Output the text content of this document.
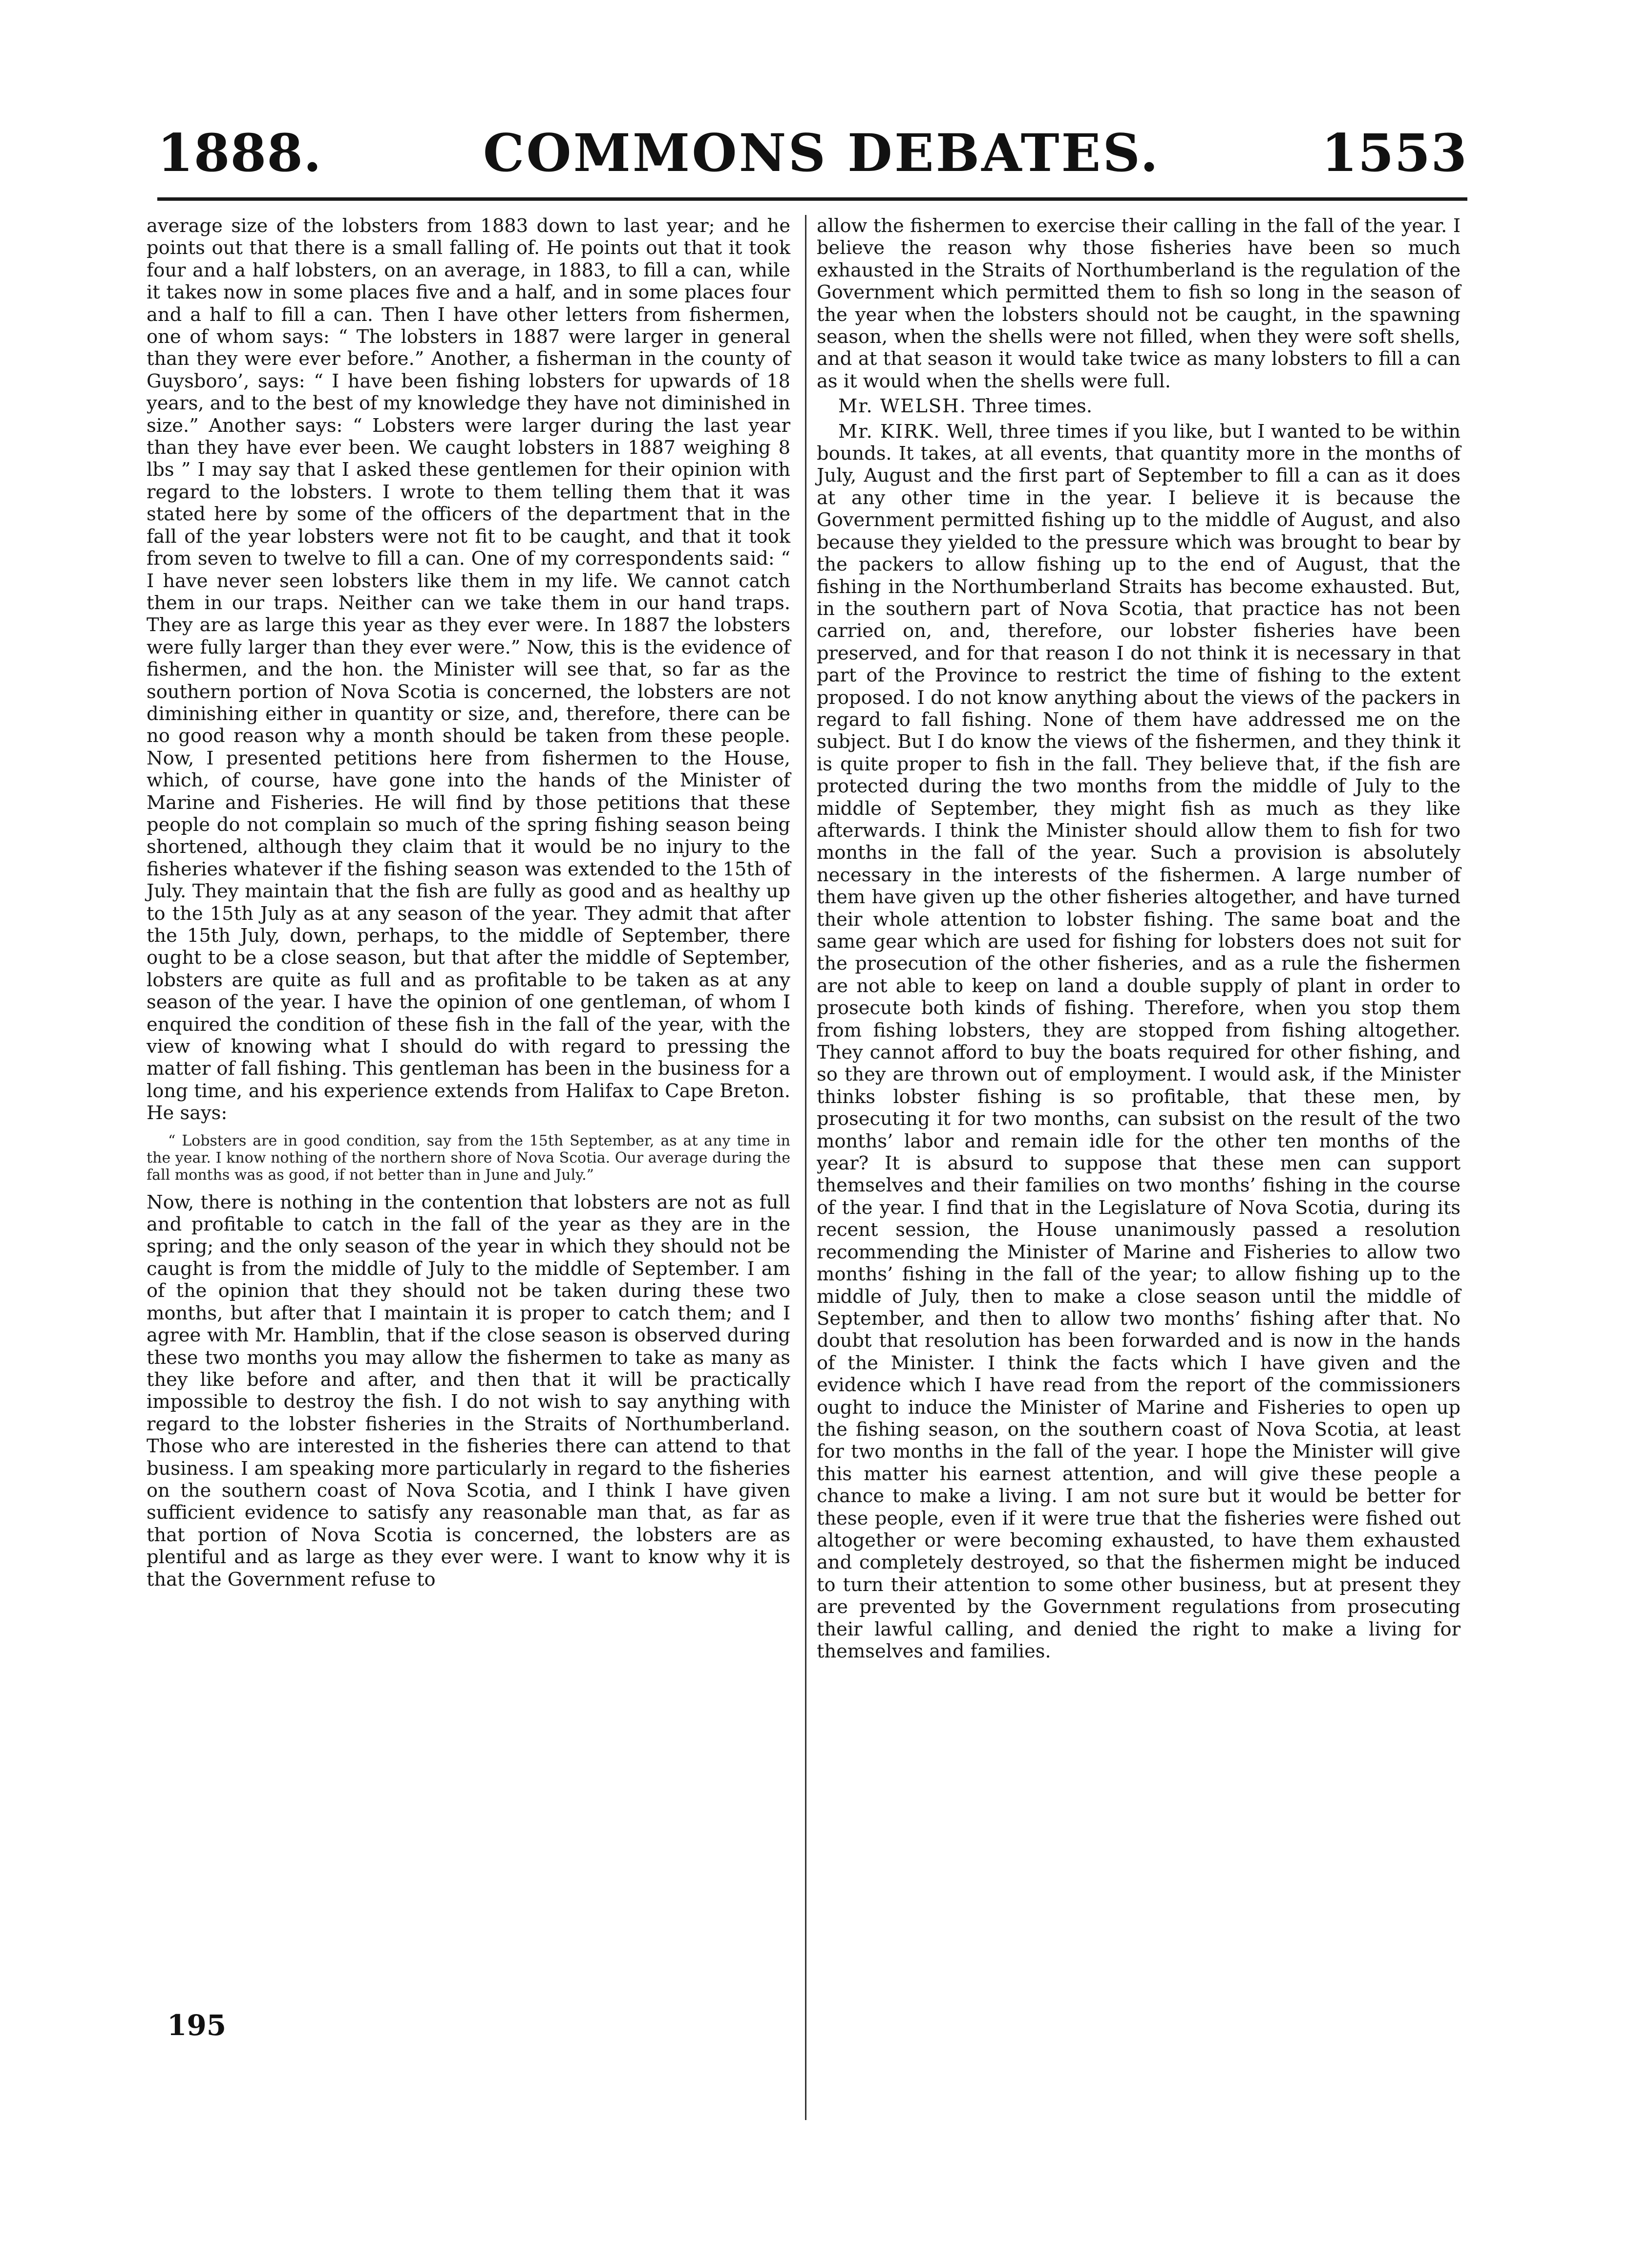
1888.	COMMONS DEBATES.	1553

average size of the lobsters from 1883 down to last year; and he points out that there is a small falling of. He points out that it took four and a half lobsters, on an average, in 1883, to fill a can, while it takes now in some places five and a half, and in some places four and a half to fill a can. Then I have other letters from fishermen, one of whom says: “ The lobsters in 1887 were larger in general than they were ever before.” Another, a fisherman in the county of Guysboro’, says: “ I have been fishing lobsters for upwards of 18 years, and to the best of my knowledge they have not diminished in size.” Another says: “ Lobsters were larger during the last year than they have ever been. We caught lobsters in 1887 weighing 8 lbs ” I may say that I asked these gentlemen for their opinion with regard to the lobsters. I wrote to them telling them that it was stated here by some of the officers of the department that in the fall of the year lobsters were not fit to be caught, and that it took from seven to twelve to fill a can. One of my correspondents said: “ I have never seen lobsters like them in my life. We cannot catch them in our traps. Neither can we take them in our hand traps. They are as large this year as they ever were. In 1887 the lobsters were fully larger than they ever were.” Now, this is the evidence of fishermen, and the hon. the Minister will see that, so far as the southern portion of Nova Scotia is concerned, the lobsters are not diminishing either in quantity or size, and, therefore, there can be no good reason why a month should be taken from these people. Now, I presented petitions here from fishermen to the House, which, of course, have gone into the hands of the Minister of Marine and Fisheries. He will find by those petitions that these people do not complain so much of the spring fishing season being shortened, although they claim that it would be no injury to the fisheries whatever if the fishing season was extended to the 15th of July. They maintain that the fish are fully as good and as healthy up to the 15th July as at any season of the year. They admit that after the 15th July, down, perhaps, to the middle of September, there ought to be a close season, but that after the middle of September, lobsters are quite as full and as profitable to be taken as at any season of the year. I have the opinion of one gentleman, of whom I enquired the condition of these fish in the fall of the year, with the view of knowing what I should do with regard to pressing the matter of fall fishing. This gentleman has been in the business for a long time, and his experience extends from Halifax to Cape Breton. He says:

“ Lobsters are in good condition, say from the 15th September, as at any time in the year. I know nothing of the northern shore of Nova Scotia. Our average during the fall months was as good, if not better than in June and July.”

Now, there is nothing in the contention that lobsters are not as full and profitable to catch in the fall of the year as they are in the spring; and the only season of the year in which they should not be caught is from the middle of July to the middle of September. I am of the opinion that they should not be taken during these two months, but after that I maintain it is proper to catch them; and I agree with Mr. Hamblin, that if the close season is observed during these two months you may allow the fishermen to take as many as they like before and after, and then that it will be practically impossible to destroy the fish. I do not wish to say anything with regard to the lobster fisheries in the Straits of Northumberland. Those who are interested in the fisheries there can attend to that business. I am speaking more particularly in regard to the fisheries on the southern coast of Nova Scotia, and I think I have given sufficient evidence to satisfy any reasonable man that, as far as that portion of Nova Scotia is concerned, the lobsters are as plentiful and as large as they ever were. I want to know why it is that the Government refuse to

allow the fishermen to exercise their calling in the fall of the year. I believe the reason why those fisheries have been so much exhausted in the Straits of Northumberland is the regulation of the Government which permitted them to fish so long in the season of the year when the lobsters should not be caught, in the spawning season, when the shells were not filled, when they were soft shells, and at that season it would take twice as many lobsters to fill a can as it would when the shells were full.

Mr. WELSH. Three times.

Mr. KIRK. Well, three times if you like, but I wanted to be within bounds. It takes, at all events, that quantity more in the months of July, August and the first part of September to fill a can as it does at any other time in the year. I believe it is because the Government permitted fishing up to the middle of August, and also because they yielded to the pressure which was brought to bear by the packers to allow fishing up to the end of August, that the fishing in the Northumberland Straits has become exhausted. But, in the southern part of Nova Scotia, that practice has not been carried on, and, therefore, our lobster fisheries have been preserved, and for that reason I do not think it is necessary in that part of the Province to restrict the time of fishing to the extent proposed. I do not know anything about the views of the packers in regard to fall fishing. None of them have addressed me on the subject. But I do know the views of the fishermen, and they think it is quite proper to fish in the fall. They believe that, if the fish are protected during the two months from the middle of July to the middle of September, they might fish as much as they like afterwards. I think the Minister should allow them to fish for two months in the fall of the year. Such a provision is absolutely necessary in the interests of the fishermen. A large number of them have given up the other fisheries altogether, and have turned their whole attention to lobster fishing. The same boat and the same gear which are used for fishing for lobsters does not suit for the prosecution of the other fisheries, and as a rule the fishermen are not able to keep on land a double supply of plant in order to prosecute both kinds of fishing. Therefore, when you stop them from fishing lobsters, they are stopped from fishing altogether. They cannot afford to buy the boats required for other fishing, and so they are thrown out of employment. I would ask, if the Minister thinks lobster fishing is so profitable, that these men, by prosecuting it for two months, can subsist on the result of the two months’ labor and remain idle for the other ten months of the year? It is absurd to suppose that these men can support themselves and their families on two months’ fishing in the course of the year. I find that in the Legislature of Nova Scotia, during its recent session, the House unanimously passed a resolution recommending the Minister of Marine and Fisheries to allow two months’ fishing in the fall of the year; to allow fishing up to the middle of July, then to make a close season until the middle of September, and then to allow two months’ fishing after that. No doubt that resolution has been forwarded and is now in the hands of the Minister. I think the facts which I have given and the evidence which I have read from the report of the commissioners ought to induce the Minister of Marine and Fisheries to open up the fishing season, on the southern coast of Nova Scotia, at least for two months in the fall of the year. I hope the Minister will give this matter his earnest attention, and will give these people a chance to make a living. I am not sure but it would be better for these people, even if it were true that the fisheries were fished out altogether or were becoming exhausted, to have them exhausted and completely destroyed, so that the fishermen might be induced to turn their attention to some other business, but at present they are prevented by the Government regulations from prosecuting their lawful calling, and denied the right to make a living for themselves and families.

195
